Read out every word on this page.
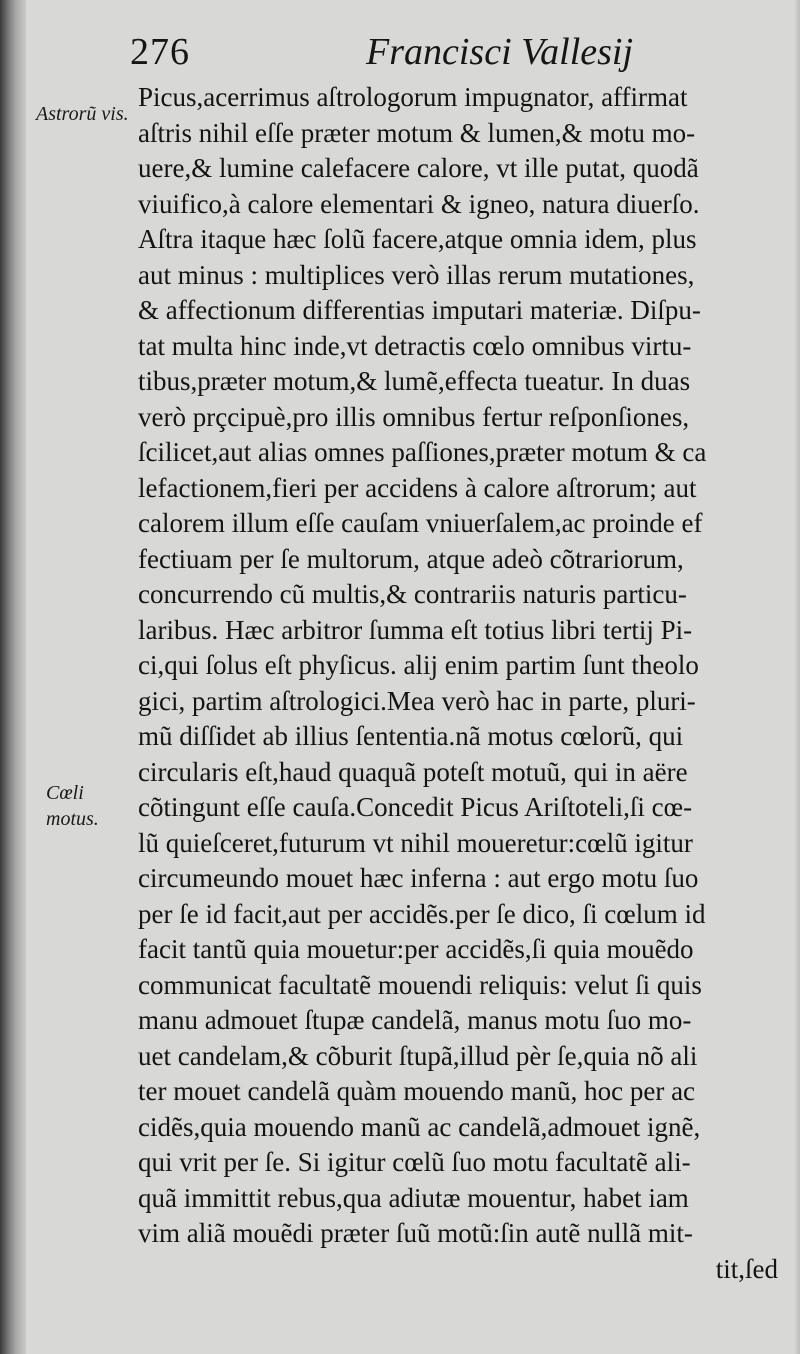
276	Francisci Vallesij
Astrorũ vis.
Cœli motus.
Picus,acerrimus aſtrologorum impugnator, affirmat
aſtris nihil eſſe præter motum & lumen,& motu mo-
uere,& lumine calefacere calore, vt ille putat, quodã
viuifico,à calore elementari & igneo, natura diuerſo.
Aſtra itaque hæc ſolũ facere,atque omnia idem, plus
aut minus : multiplices verò illas rerum mutationes,
& affectionum differentias imputari materiæ. Diſpu-
tat multa hinc inde,vt detractis cœlo omnibus virtu-
tibus,præter motum,& lumẽ,effecta tueatur. In duas
verò prçcipuè,pro illis omnibus fertur reſponſiones,
ſcilicet,aut alias omnes paſſiones,præter motum & ca
lefactionem,fieri per accidens à calore aſtrorum; aut
calorem illum eſſe cauſam vniuerſalem,ac proinde ef
fectiuam per ſe multorum, atque adeò cõtrariorum,
concurrendo cũ multis,& contrariis naturis particu-
laribus. Hæc arbitror ſumma eſt totius libri tertij Pi-
ci,qui ſolus eſt phyſicus. alij enim partim ſunt theolo
gici, partim aſtrologici.Mea verò hac in parte, pluri-
mũ diſſidet ab illius ſententia.nã motus cœlorũ, qui
circularis eſt,haud quaquã poteſt motuũ, qui in aëre
cõtingunt eſſe cauſa.Concedit Picus Ariſtoteli,ſi cœ-
lũ quieſceret,futurum vt nihil moueretur:cœlũ igitur
circumeundo mouet hæc inferna : aut ergo motu ſuo
per ſe id facit,aut per accidẽs.per ſe dico, ſi cœlum id
facit tantũ quia mouetur:per accidẽs,ſi quia mouẽdo
communicat facultatẽ mouendi reliquis: velut ſi quis
manu admouet ſtupæ candelã, manus motu ſuo mo-
uet candelam,& cõburit ſtupã,illud pèr ſe,quia nõ ali
ter mouet candelã quàm mouendo manũ, hoc per ac
cidẽs,quia mouendo manũ ac candelã,admouet ignẽ,
qui vrit per ſe. Si igitur cœlũ ſuo motu facultatẽ ali-
quã immittit rebus,qua adiutæ mouentur, habet iam
vim aliã mouẽdi præter ſuũ motũ:ſin autẽ nullã mit-
tit,ſed
